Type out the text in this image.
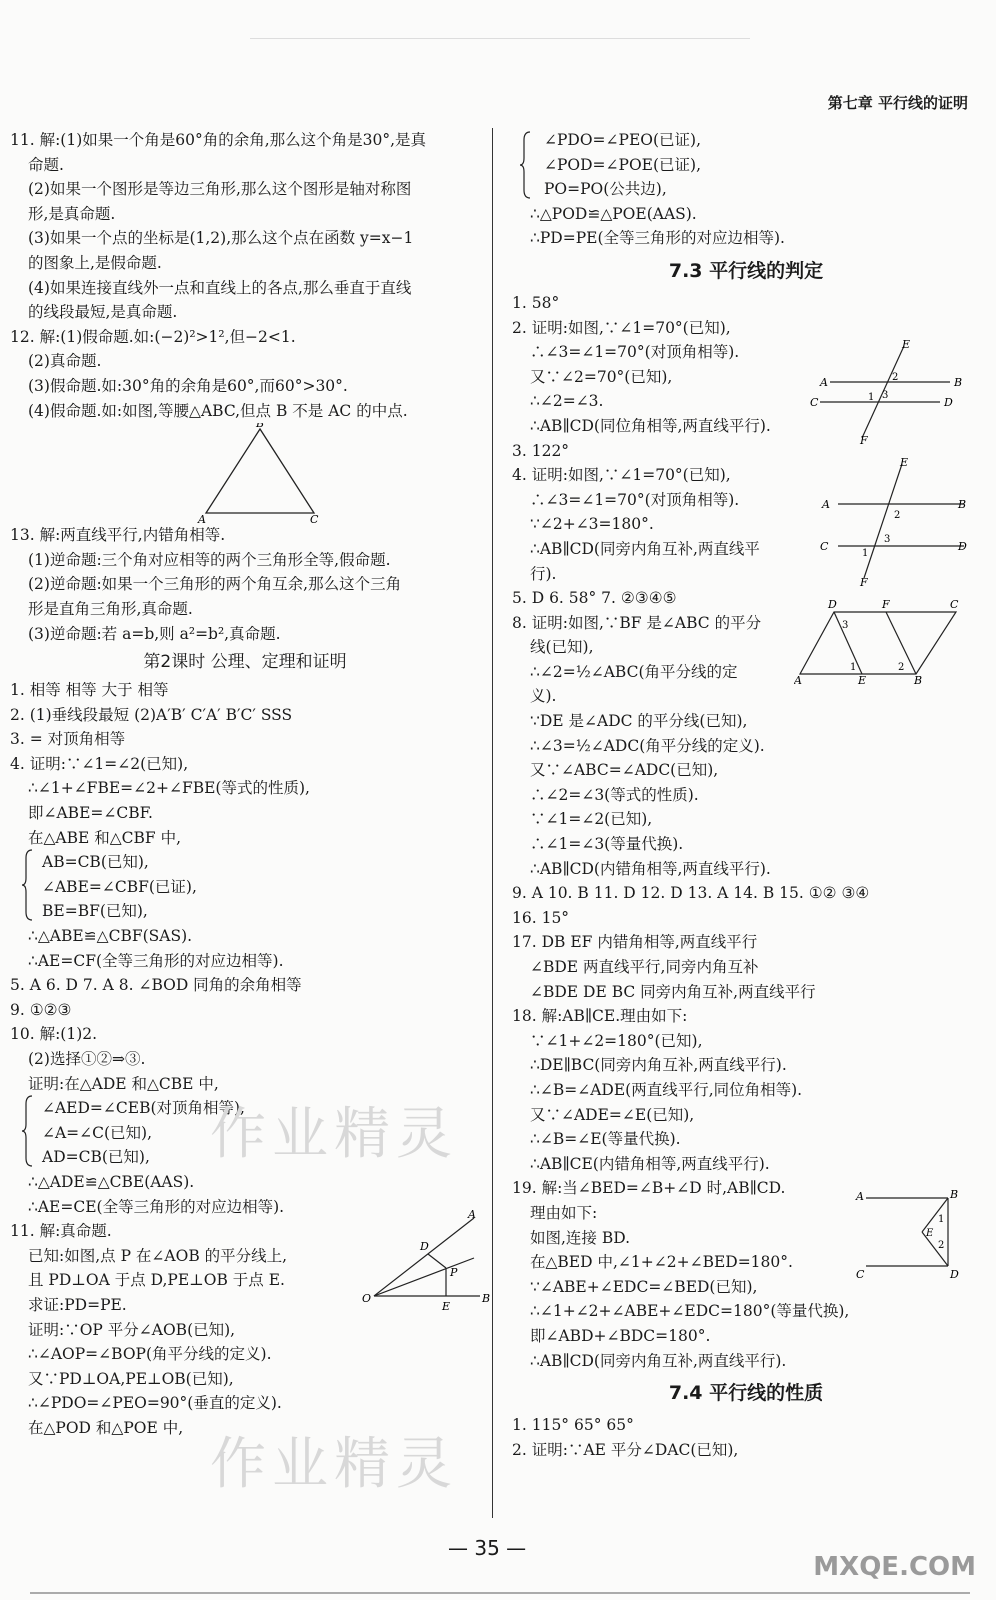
第七章 平行线的证明
11. 解:(1)如果一个角是60°角的余角,那么这个角是30°,是真
命题.
(2)如果一个图形是等边三角形,那么这个图形是轴对称图
形,是真命题.
(3)如果一个点的坐标是(1,2),那么这个点在函数 y=x−1
的图象上,是假命题.
(4)如果连接直线外一点和直线上的各点,那么垂直于直线
的线段最短,是真命题.
12. 解:(1)假命题.如:(−2)²>1²,但−2<1.
(2)真命题.
(3)假命题.如:30°角的余角是60°,而60°>30°.
(4)假命题.如:如图,等腰△ABC,但点 B 不是 AC 的中点.
B
A	C
13. 解:两直线平行,内错角相等.
(1)逆命题:三个角对应相等的两个三角形全等,假命题.
(2)逆命题:如果一个三角形的两个角互余,那么这个三角
形是直角三角形,真命题.
(3)逆命题:若 a=b,则 a²=b²,真命题.
第2课时 公理、定理和证明
1. 相等 相等 大于 相等
2. (1)垂线段最短 (2)A′B′ C′A′ B′C′ SSS
3. = 对顶角相等
4. 证明:∵∠1=∠2(已知),
∴∠1+∠FBE=∠2+∠FBE(等式的性质),
即∠ABE=∠CBF.
在△ABE 和△CBF 中,
AB=CB(已知),
∠ABE=∠CBF(已证),
BE=BF(已知),
∴△ABE≌△CBF(SAS).
∴AE=CF(全等三角形的对应边相等).
5. A 6. D 7. A 8. ∠BOD 同角的余角相等
9. ①②③
10. 解:(1)2.
(2)选择①②⇒③.
证明:在△ADE 和△CBE 中,
∠AED=∠CEB(对顶角相等),
∠A=∠C(已知),
AD=CB(已知),
∴△ADE≌△CBE(AAS).
∴AE=CE(全等三角形的对应边相等).
11. 解:真命题.
已知:如图,点 P 在∠AOB 的平分线上,
且 PD⊥OA 于点 D,PE⊥OB 于点 E.
求证:PD=PE.
证明:∵OP 平分∠AOB(已知),
∴∠AOP=∠BOP(角平分线的定义).
又∵PD⊥OA,PE⊥OB(已知),
∴∠PDO=∠PEO=90°(垂直的定义).
在△POD 和△POE 中,
A
D
P
O
E
B
∠PDO=∠PEO(已证),
∠POD=∠POE(已证),
PO=PO(公共边),
∴△POD≌△POE(AAS).
∴PD=PE(全等三角形的对应边相等).
7.3 平行线的判定
1. 58°
2. 证明:如图,∵∠1=70°(已知),
∴∠3=∠1=70°(对顶角相等).
又∵∠2=70°(已知),
∴∠2=∠3.
∴AB∥CD(同位角相等,两直线平行).
3. 122°
4. 证明:如图,∵∠1=70°(已知),
∴∠3=∠1=70°(对顶角相等).
∵∠2+∠3=180°.
∴AB∥CD(同旁内角互补,两直线平
行).
5. D 6. 58° 7. ②③④⑤
8. 证明:如图,∵BF 是∠ABC 的平分
线(已知),
∴∠2=½∠ABC(角平分线的定
义).
∵DE 是∠ADC 的平分线(已知),
∴∠3=½∠ADC(角平分线的定义).
又∵∠ABC=∠ADC(已知),
∴∠2=∠3(等式的性质).
∵∠1=∠2(已知),
∴∠1=∠3(等量代换).
∴AB∥CD(内错角相等,两直线平行).
9. A 10. B 11. D 12. D 13. A 14. B 15. ①② ③④
16. 15°
17. DB EF 内错角相等,两直线平行
∠BDE 两直线平行,同旁内角互补
∠BDE DE BC 同旁内角互补,两直线平行
18. 解:AB∥CE.理由如下:
∵∠1+∠2=180°(已知),
∴DE∥BC(同旁内角互补,两直线平行).
∴∠B=∠ADE(两直线平行,同位角相等).
又∵∠ADE=∠E(已知),
∴∠B=∠E(等量代换).
∴AB∥CE(内错角相等,两直线平行).
19. 解:当∠BED=∠B+∠D 时,AB∥CD.
理由如下:
如图,连接 BD.
在△BED 中,∠1+∠2+∠BED=180°.
∵∠ABE+∠EDC=∠BED(已知),
∴∠1+∠2+∠ABE+∠EDC=180°(等量代换),
即∠ABD+∠BDC=180°.
∴AB∥CD(同旁内角互补,两直线平行).
7.4 平行线的性质
1. 115° 65° 65°
2. 证明:∵AE 平分∠DAC(已知),
E
2	B
A
C	1 3
D
F
E
A
2
B
C
1
3
D
F
D	F	C
3
1	2
A	E	B
A	B
1
E
2
C	D
作业精灵
作业精灵
— 35 —
MXQE.COM
